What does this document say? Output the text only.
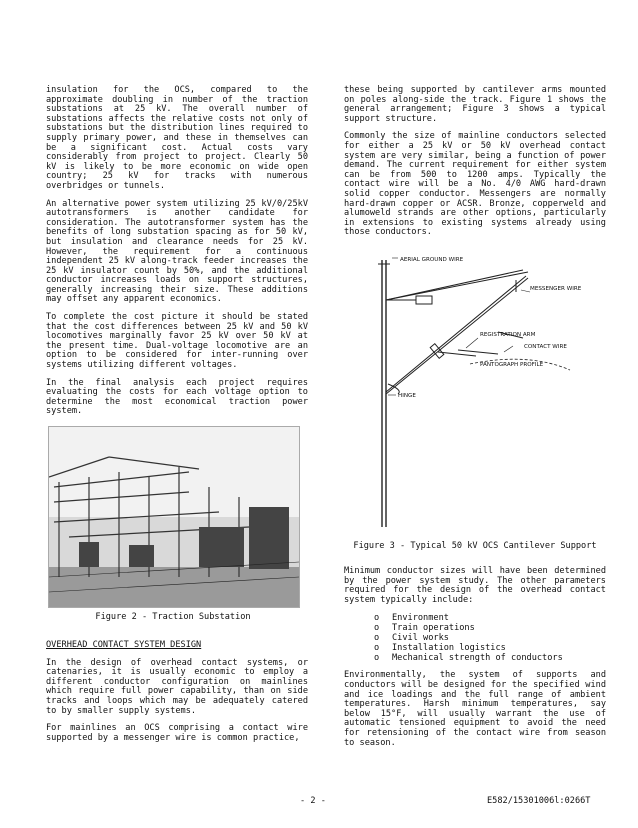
insulation for the OCS, compared to the approximate doubling in number of the traction substations at 25 kV. The overall number of substations affects the relative costs not only of substations but the distribution lines required to supply primary power, and these in themselves can be a significant cost. Actual costs vary considerably from project to project. Clearly 50 kV is likely to be more economic on wide open country; 25 kV for tracks with numerous overbridges or tunnels.

An alternative power system utilizing 25 kV/0/25kV autotransformers is another candidate for consideration. The autotransformer system has the benefits of long substation spacing as for 50 kV, but insulation and clearance needs for 25 kV. However, the requirement for a continuous independent 25 kV along-track feeder increases the 25 kV insulator count by 50%, and the additional conductor increases loads on support structures, generally increasing their size. These additions may offset any apparent economics.

To complete the cost picture it should be stated that the cost differences between 25 kV and 50 kV locomotives marginally favor 25 kV over 50 kV at the present time. Dual-voltage locomotive are an option to be considered for inter-running over systems utilizing different voltages.

In the final analysis each project requires evaluating the costs for each voltage option to determine the most economical traction power system.

Figure 2 - Traction Substation
OVERHEAD CONTACT SYSTEM DESIGN

In the design of overhead contact systems, or catenaries, it is usually economic to employ a different conductor configuration on mainlines which require full power capability, than on side tracks and loops which may be adequately catered to by smaller supply systems.

For mainlines an OCS comprising a contact wire supported by a messenger wire is common practice,

these being supported by cantilever arms mounted on poles along-side the track. Figure 1 shows the general arrangement; Figure 3 shows a typical support structure.

Commonly the size of mainline conductors selected for either a 25 kV or 50 kV overhead contact system are very similar, being a function of power demand. The current requirement for either system can be from 500 to 1200 amps. Typically the contact wire will be a No. 4/0 AWG hard-drawn solid copper conductor. Messengers are normally hard-drawn copper or ACSR. Bronze, copperweld and alumoweld strands are other options, particularly in extensions to existing systems already using those conductors.

AERIAL GROUND WIRE
MESSENGER WIRE
REGISTRATION ARM
CONTACT WIRE
PANTOGRAPH PROFILE
HINGE
Figure 3 - Typical 50 kV OCS Cantilever Support

Minimum conductor sizes will have been determined by the power system study. The other parameters required for the design of the overhead contact system typically include:

o Environment
o Train operations
o Civil works
o Installation logistics
o Mechanical strength of conductors

Environmentally, the system of supports and conductors will be designed for the specified wind and ice loadings and the full range of ambient temperatures. Harsh minimum temperatures, say below 15°F, will usually warrant the use of automatic tensioned equipment to avoid the need for retensioning of the contact wire from season to season.

- 2 -	E582/15301006l:0266T
